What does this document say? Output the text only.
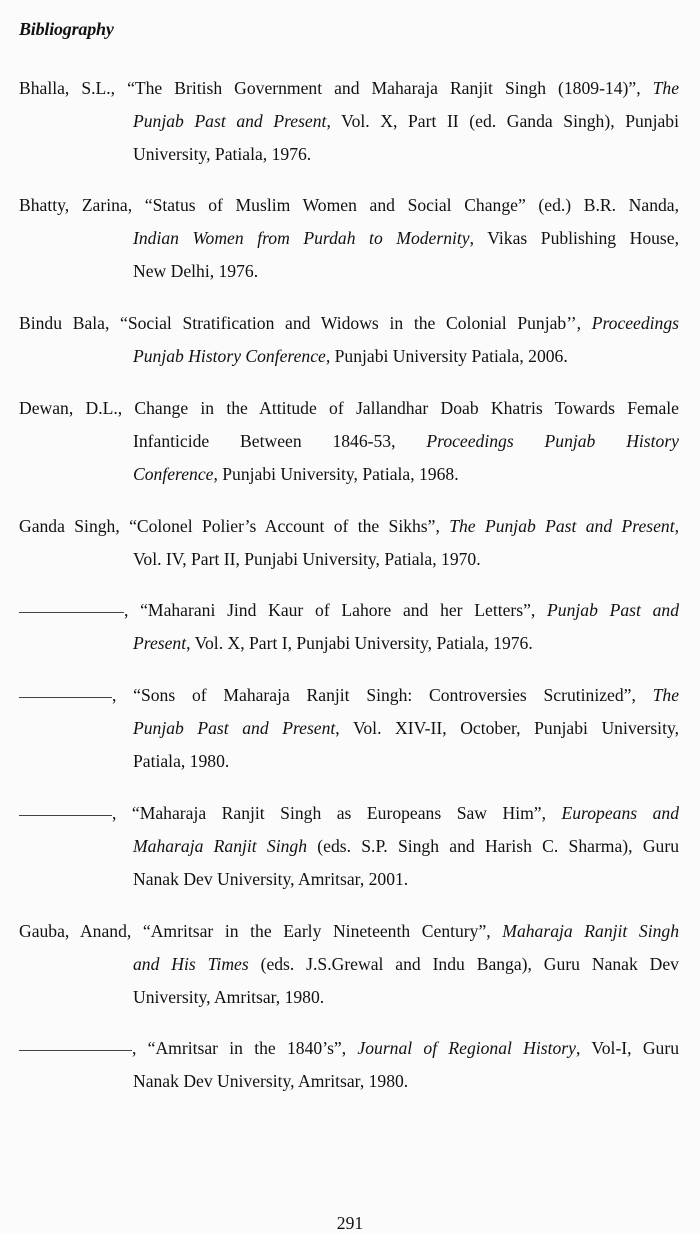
Bibliography
Bhalla, S.L., “The British Government and Maharaja Ranjit Singh (1809-14)”, The
Punjab Past and Present, Vol. X, Part II (ed. Ganda Singh), Punjabi
University, Patiala, 1976.
Bhatty, Zarina, “Status of Muslim Women and Social Change” (ed.) B.R. Nanda,
Indian Women from Purdah to Modernity, Vikas Publishing House,
New Delhi, 1976.
Bindu Bala, “Social Stratification and Widows in the Colonial Punjab’’, Proceedings
Punjab History Conference, Punjabi University Patiala, 2006.
Dewan, D.L., Change in the Attitude of Jallandhar Doab Khatris Towards Female
Infanticide Between 1846-53, Proceedings Punjab History
Conference, Punjabi University, Patiala, 1968.
Ganda Singh, “Colonel Polier’s Account of the Sikhs”, The Punjab Past and Present,
Vol. IV, Part II, Punjabi University, Patiala, 1970.
, “Maharani Jind Kaur of Lahore and her Letters”, Punjab Past and
Present, Vol. X, Part I, Punjabi University, Patiala, 1976.
, “Sons of Maharaja Ranjit Singh: Controversies Scrutinized”, The
Punjab Past and Present, Vol. XIV-II, October, Punjabi University,
Patiala, 1980.
, “Maharaja Ranjit Singh as Europeans Saw Him”, Europeans and
Maharaja Ranjit Singh (eds. S.P. Singh and Harish C. Sharma), Guru
Nanak Dev University, Amritsar, 2001.
Gauba, Anand, “Amritsar in the Early Nineteenth Century”, Maharaja Ranjit Singh
and His Times (eds. J.S.Grewal and Indu Banga), Guru Nanak Dev
University, Amritsar, 1980.
, “Amritsar in the 1840’s”, Journal of Regional History, Vol-I, Guru
Nanak Dev University, Amritsar, 1980.
291
